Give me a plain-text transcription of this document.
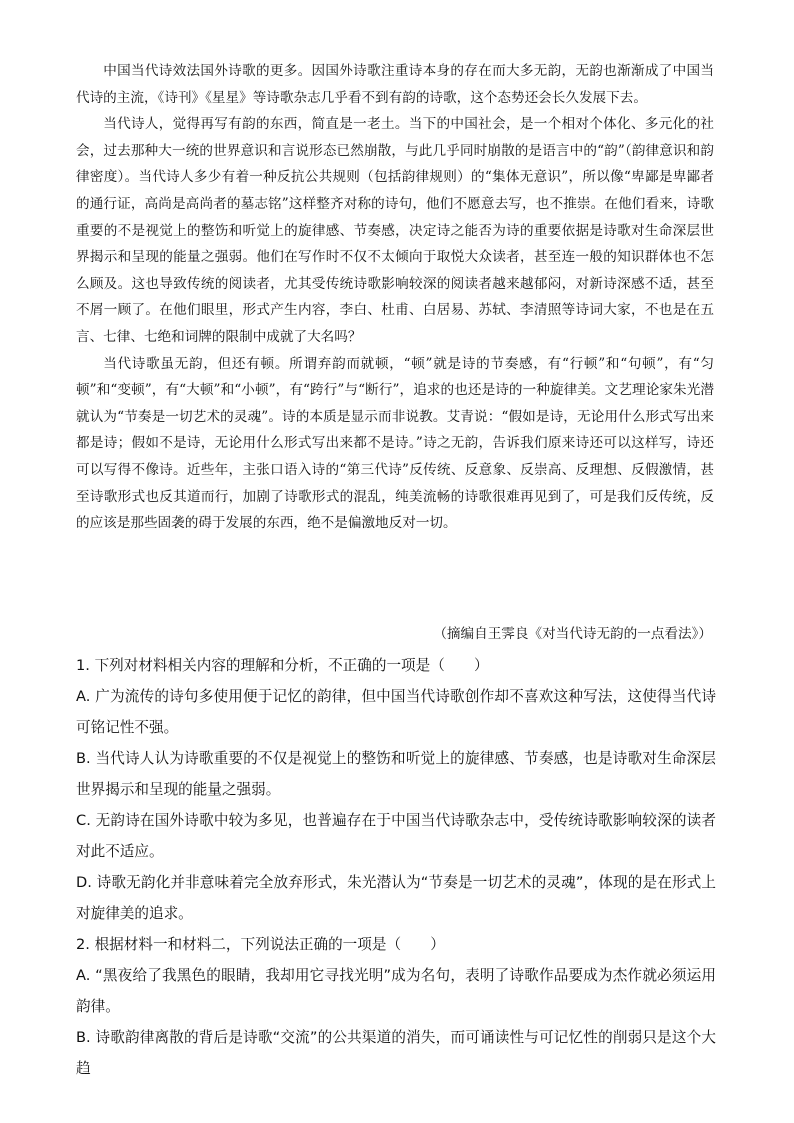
中国当代诗效法国外诗歌的更多。因国外诗歌注重诗本身的存在而大多无韵，无韵也渐渐成了中国当代诗的主流，《诗刊》《星星》等诗歌杂志几乎看不到有韵的诗歌，这个态势还会长久发展下去。

当代诗人，觉得再写有韵的东西，简直是一老土。当下的中国社会，是一个相对个体化、多元化的社会，过去那种大一统的世界意识和言说形态已然崩散，与此几乎同时崩散的是语言中的“韵”（韵律意识和韵律密度）。当代诗人多少有着一种反抗公共规则（包括韵律规则）的“集体无意识”，所以像“卑鄙是卑鄙者的通行证，高尚是高尚者的墓志铭”这样整齐对称的诗句，他们不愿意去写，也不推崇。在他们看来，诗歌重要的不是视觉上的整饬和听觉上的旋律感、节奏感，决定诗之能否为诗的重要依据是诗歌对生命深层世界揭示和呈现的能量之强弱。他们在写作时不仅不太倾向于取悦大众读者，甚至连一般的知识群体也不怎么顾及。这也导致传统的阅读者，尤其受传统诗歌影响较深的阅读者越来越郁闷，对新诗深感不适，甚至不屑一顾了。在他们眼里，形式产生内容，李白、杜甫、白居易、苏轼、李清照等诗词大家，不也是在五言、七律、七绝和词牌的限制中成就了大名吗？

当代诗歌虽无韵，但还有顿。所谓弃韵而就顿，“顿”就是诗的节奏感，有“行顿”和“句顿”，有“匀顿”和“变顿”，有“大顿”和“小顿”，有“跨行”与“断行”，追求的也还是诗的一种旋律美。文艺理论家朱光潜就认为“节奏是一切艺术的灵魂”。诗的本质是显示而非说教。艾青说：“假如是诗，无论用什么形式写出来都是诗；假如不是诗，无论用什么形式写出来都不是诗。”诗之无韵，告诉我们原来诗还可以这样写，诗还可以写得不像诗。近些年，主张口语入诗的“第三代诗”反传统、反意象、反崇高、反理想、反假激情，甚至诗歌形式也反其道而行，加剧了诗歌形式的混乱，纯美流畅的诗歌很难再见到了，可是我们反传统，反的应该是那些固袭的碍于发展的东西，绝不是偏激地反对一切。

（摘编自王霁良《对当代诗无韵的一点看法》）

1. 下列对材料相关内容的理解和分析，不正确的一项是（　　）

A. 广为流传的诗句多使用便于记忆的韵律，但中国当代诗歌创作却不喜欢这种写法，这使得当代诗可铭记性不强。

B. 当代诗人认为诗歌重要的不仅是视觉上的整饬和听觉上的旋律感、节奏感，也是诗歌对生命深层世界揭示和呈现的能量之强弱。

C. 无韵诗在国外诗歌中较为多见，也普遍存在于中国当代诗歌杂志中，受传统诗歌影响较深的读者对此不适应。

D. 诗歌无韵化并非意味着完全放弃形式，朱光潜认为“节奏是一切艺术的灵魂”，体现的是在形式上对旋律美的追求。

2. 根据材料一和材料二，下列说法正确的一项是（　　）

A. “黑夜给了我黑色的眼睛，我却用它寻找光明”成为名句，表明了诗歌作品要成为杰作就必须运用韵律。

B. 诗歌韵律离散的背后是诗歌“交流”的公共渠道的消失，而可诵读性与可记忆性的削弱只是这个大趋
